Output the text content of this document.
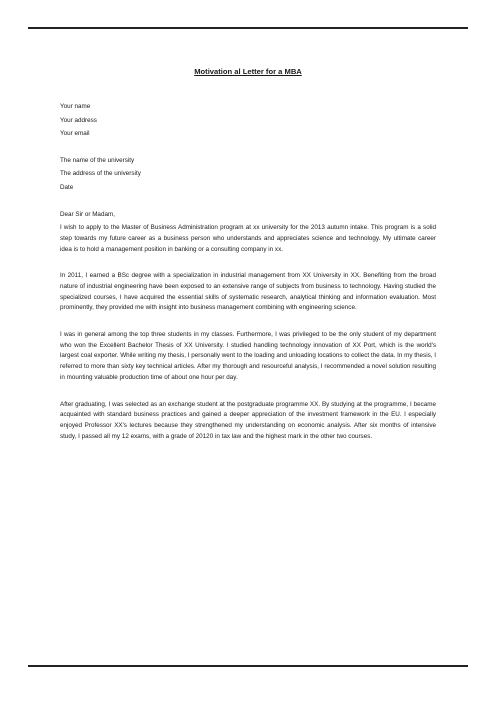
Motivation al Letter for a MBA
Your name
Your address
Your email
The name of the university
The address of the university
Date
Dear Sir or Madam,

I wish to apply to the Master of Business Administration program at xx university for the 2013 autumn intake. This program is a solid step towards my future career as a business person who understands and appreciates science and technology. My ultimate career idea is to hold a management position in banking or a consulting company in xx.

In 2011, I earned a BSc degree with a specialization in industrial management from XX University in XX. Benefiting from the broad nature of industrial engineering have been exposed to an extensive range of subjects from business to technology. Having studied the specialized courses, I have acquired the essential skills of systematic research, analytical thinking and information evaluation. Most prominently, they provided me with insight into business management combining with engineering science.

I was in general among the top three students in my classes. Furthermore, I was privileged to be the only student of my department who won the Excellent Bachelor Thesis of XX University. I studied handling technology innovation of XX Port, which is the world's largest coal exporter. While writing my thesis, I personally went to the loading and unloading locations to collect the data. In my thesis, I referred to more than sixty key technical articles. After my thorough and resourceful analysis, I recommended a novel solution resulting in mounting valuable production time of about one hour per day.

After graduating, I was selected as an exchange student at the postgraduate programme XX. By studying at the programme, I became acquainted with standard business practices and gained a deeper appreciation of the investment framework in the EU. I especially enjoyed Professor XX's lectures because they strengthened my understanding on economic analysis. After six months of intensive study, I passed all my 12 exams, with a grade of 20120 in tax law and the highest mark in the other two courses.
